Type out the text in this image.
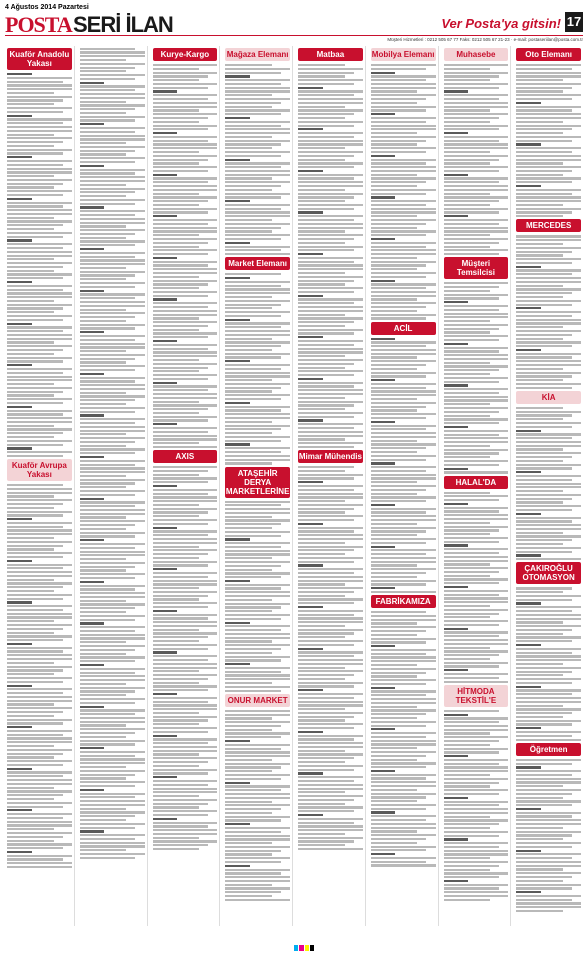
4 Ağustos 2014 Pazartesi
POSTA SERİ İLAN	Ver Posta'ya gitsin! 17
Müşteri Hizmetleri : 0212 505 67 77 Faks: 0212 505 67 21-23 · e-mail: postaseriilan@posta.com.tr
Kuaför Anadolu Yakası
Kuaför Avrupa Yakası
Kurye-Kargo
AXIS
Mağaza Elemanı
Market Elemanı
ATAŞEHİR DERYA MARKETLERİNE
ONUR MARKET
Matbaa
Mimar Mühendis
Mobilya Elemanı
ACİL
FABRİKAMIZA
Muhasebe
Müşteri Temsilcisi
HALAL'DA
HİTMODA TEKSTİL'E
Oto Elemanı
MERCEDES
KİA
ÇAKIROĞLU OTOMASYON
Öğretmen
